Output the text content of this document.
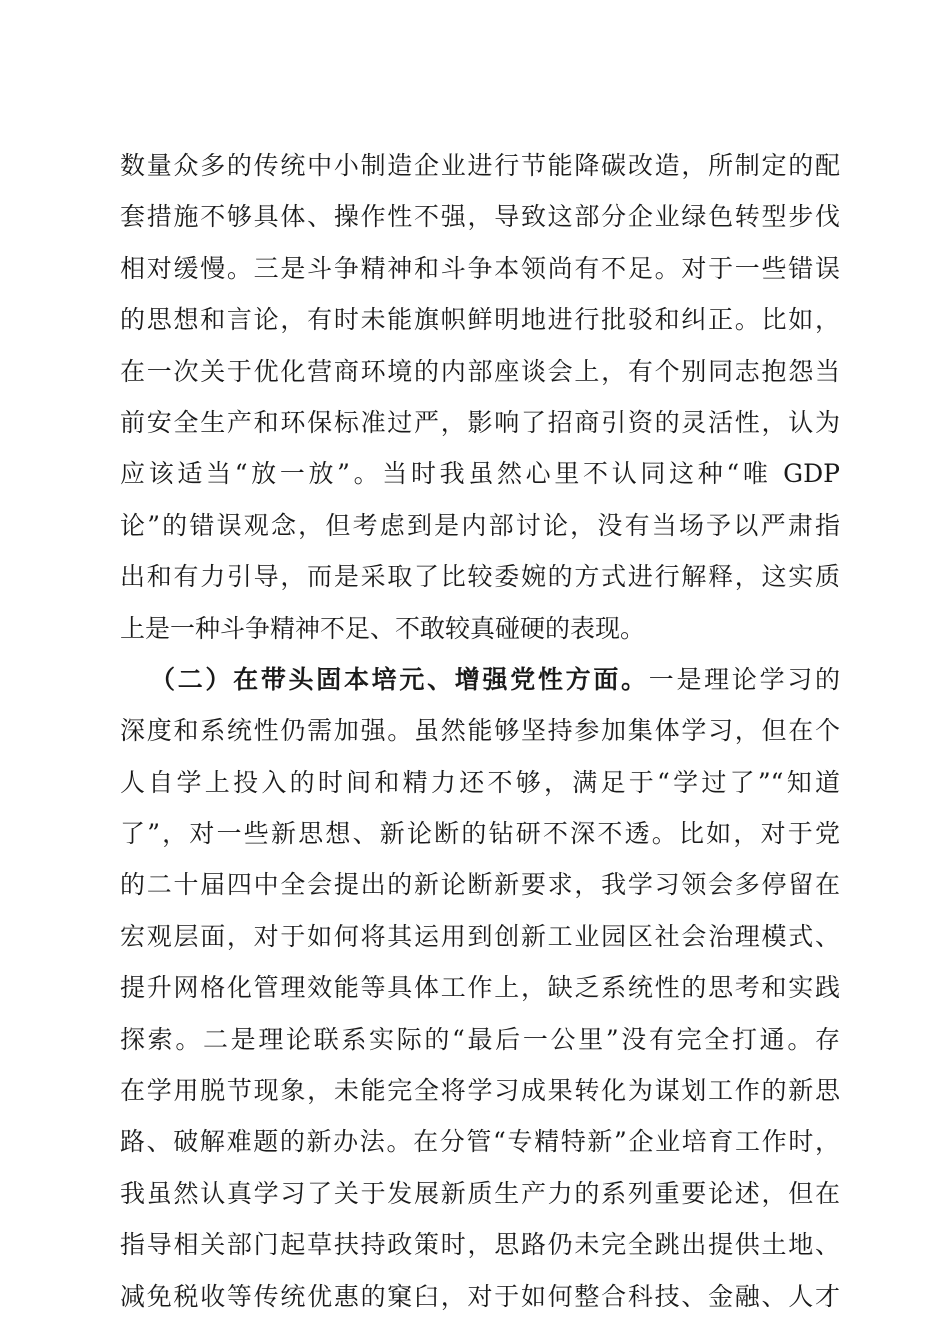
数量众多的传统中小制造企业进行节能降碳改造，所制定的配
套措施不够具体、操作性不强，导致这部分企业绿色转型步伐
相对缓慢。三是斗争精神和斗争本领尚有不足。对于一些错误
的思想和言论，有时未能旗帜鲜明地进行批驳和纠正。比如，
在一次关于优化营商环境的内部座谈会上，有个别同志抱怨当
前安全生产和环保标准过严，影响了招商引资的灵活性，认为
应该适当“放一放”。当时我虽然心里不认同这种“唯 GDP
论”的错误观念，但考虑到是内部讨论，没有当场予以严肃指
出和有力引导，而是采取了比较委婉的方式进行解释，这实质
上是一种斗争精神不足、不敢较真碰硬的表现。
（二）在带头固本培元、增强党性方面。一是理论学习的
深度和系统性仍需加强。虽然能够坚持参加集体学习，但在个
人自学上投入的时间和精力还不够，满足于“学过了”“知道
了”，对一些新思想、新论断的钻研不深不透。比如，对于党
的二十届四中全会提出的新论断新要求，我学习领会多停留在
宏观层面，对于如何将其运用到创新工业园区社会治理模式、
提升网格化管理效能等具体工作上，缺乏系统性的思考和实践
探索。二是理论联系实际的“最后一公里”没有完全打通。存
在学用脱节现象，未能完全将学习成果转化为谋划工作的新思
路、破解难题的新办法。在分管“专精特新”企业培育工作时，
我虽然认真学习了关于发展新质生产力的系列重要论述，但在
指导相关部门起草扶持政策时，思路仍未完全跳出提供土地、
减免税收等传统优惠的窠臼，对于如何整合科技、金融、人才
